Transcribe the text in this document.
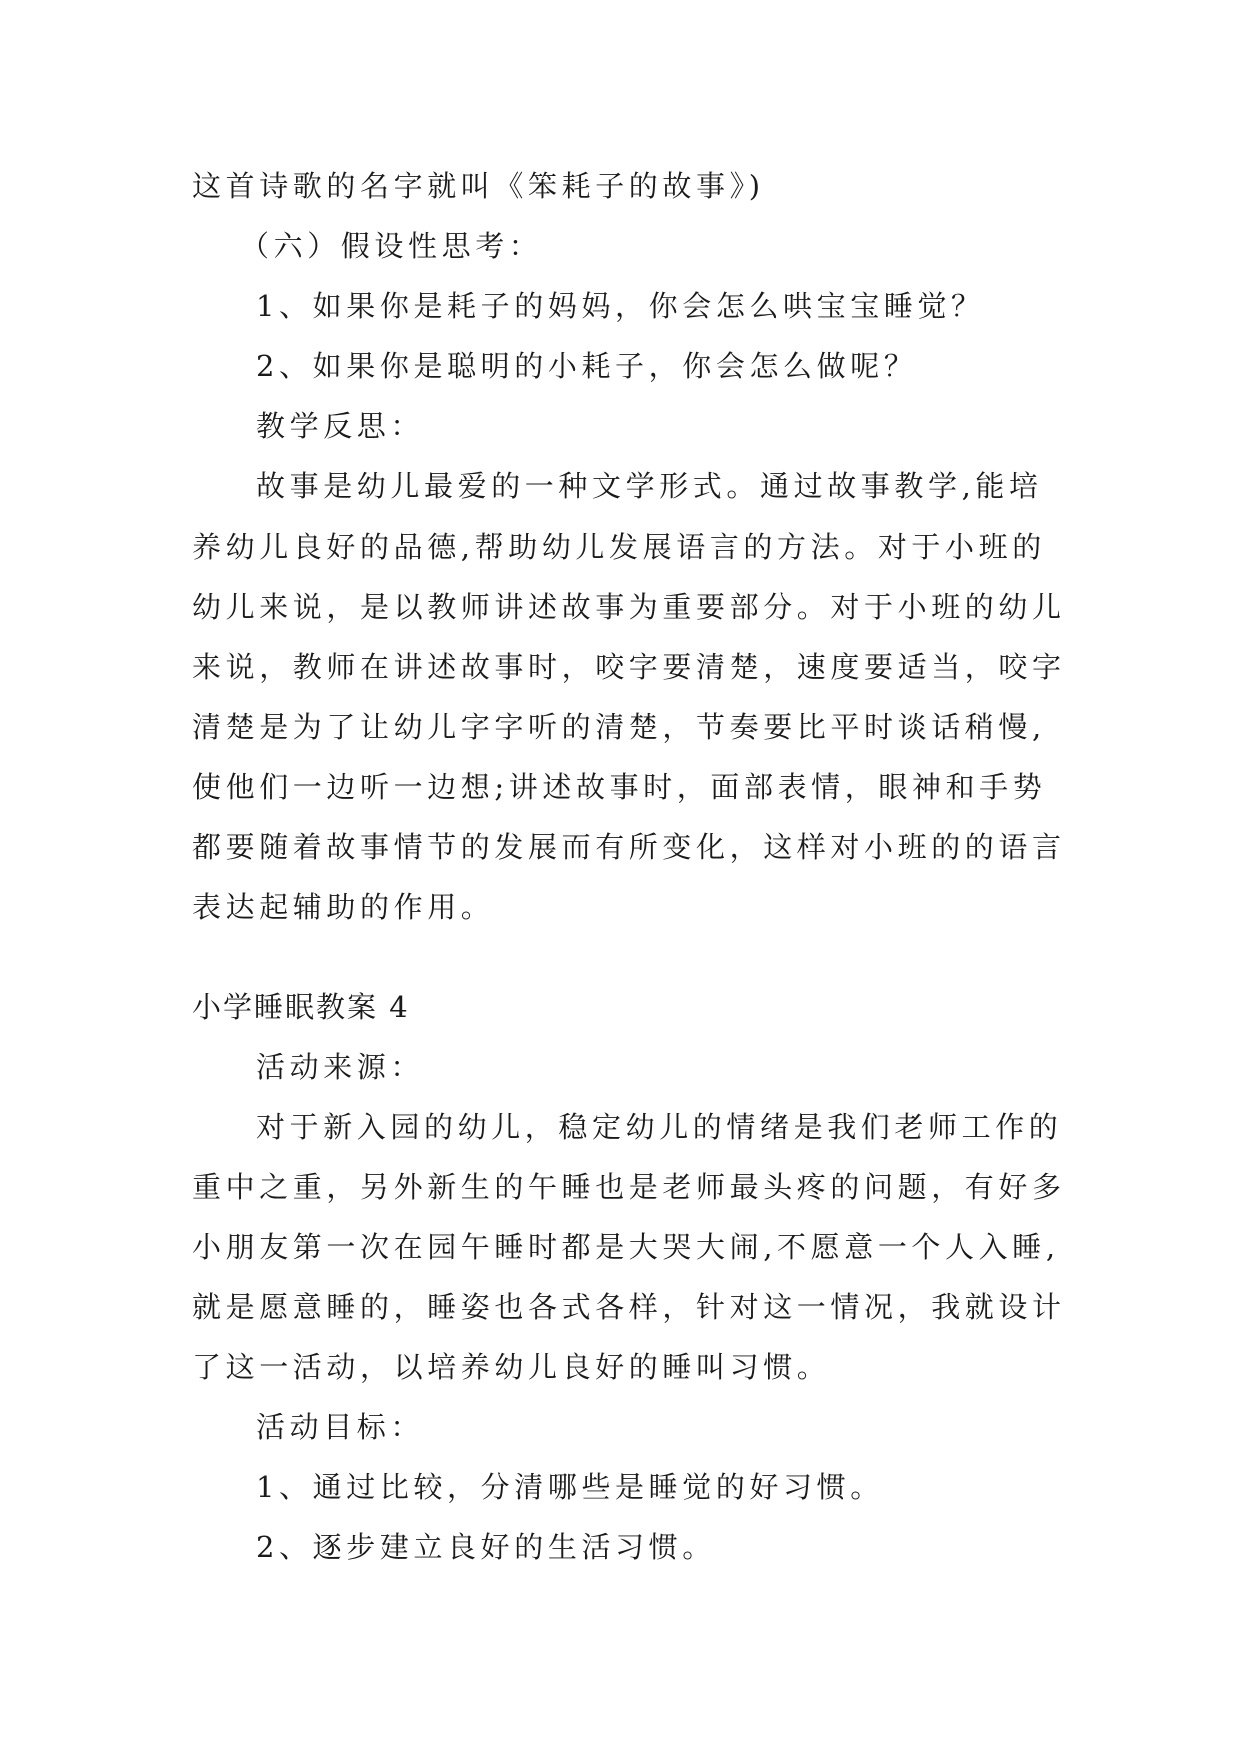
这首诗歌的名字就叫《笨耗子的故事》)
（六）假设性思考：
1、如果你是耗子的妈妈，你会怎么哄宝宝睡觉？
2、如果你是聪明的小耗子，你会怎么做呢？
教学反思：
故事是幼儿最爱的一种文学形式。通过故事教学,能培
养幼儿良好的品德,帮助幼儿发展语言的方法。对于小班的
幼儿来说，是以教师讲述故事为重要部分。对于小班的幼儿
来说，教师在讲述故事时，咬字要清楚，速度要适当，咬字
清楚是为了让幼儿字字听的清楚，节奏要比平时谈话稍慢,
使他们一边听一边想;讲述故事时，面部表情，眼神和手势
都要随着故事情节的发展而有所变化，这样对小班的的语言
表达起辅助的作用。
小学睡眠教案 4
活动来源：
对于新入园的幼儿，稳定幼儿的情绪是我们老师工作的
重中之重，另外新生的午睡也是老师最头疼的问题，有好多
小朋友第一次在园午睡时都是大哭大闹,不愿意一个人入睡,
就是愿意睡的，睡姿也各式各样，针对这一情况，我就设计
了这一活动，以培养幼儿良好的睡叫习惯。
活动目标：
1、通过比较，分清哪些是睡觉的好习惯。
2、逐步建立良好的生活习惯。
